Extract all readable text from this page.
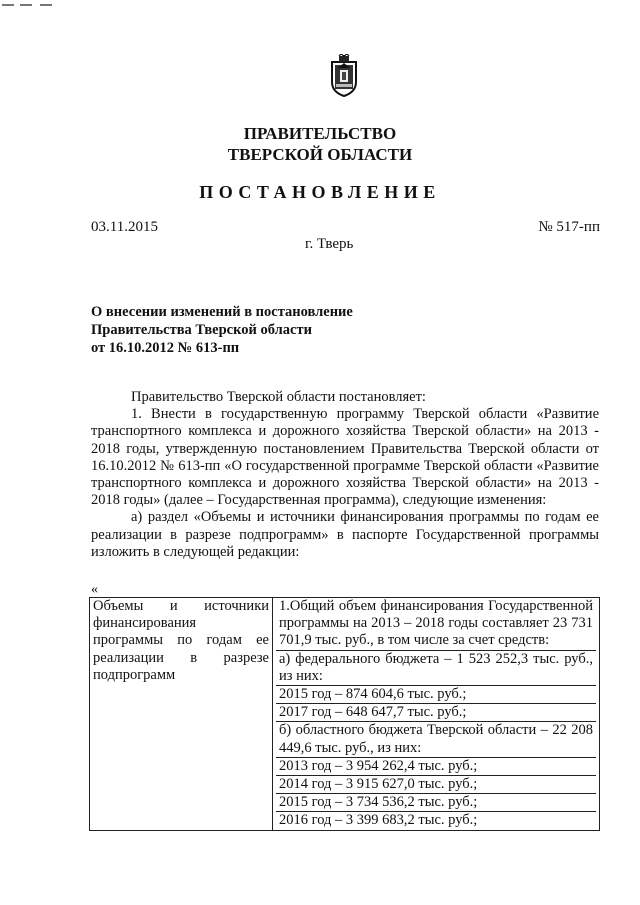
ПРАВИТЕЛЬСТВО
ТВЕРСКОЙ ОБЛАСТИ
ПОСТАНОВЛЕНИЕ
03.11.2015	№ 517-пп
г. Тверь
О внесении изменений в постановление
Правительства Тверской области
от 16.10.2012 № 613-пп

Правительство Тверской области постановляет:

1. Внести в государственную программу Тверской области «Развитие транспортного комплекса и дорожного хозяйства Тверской области» на 2013 - 2018 годы, утвержденную постановлением Правительства Тверской области от 16.10.2012 № 613-пп «О государственной программе Тверской области «Развитие транспортного комплекса и дорожного хозяйства Тверской области» на 2013 - 2018 годы» (далее – Государственная программа), следующие изменения:

а) раздел «Объемы и источники финансирования программы по годам ее реализации в разрезе подпрограмм» в паспорте Государственной программы изложить в следующей редакции:

«
Объемы и источники финансирования программы по годам ее реализации в разрезе подпрограмм	
1.Общий объем финансирования Государственной программы на 2013 – 2018 годы составляет 23 731 701,9 тыс. руб., в том числе за счет средств:
а) федерального бюджета – 1 523 252,3 тыс. руб., из них:
2015 год – 874 604,6 тыс. руб.;
2017 год – 648 647,7 тыс. руб.;
б) областного бюджета Тверской области – 22 208 449,6 тыс. руб., из них:
2013 год – 3 954 262,4 тыс. руб.;
2014 год – 3 915 627,0 тыс. руб.;
2015 год – 3 734 536,2 тыс. руб.;
2016 год – 3 399 683,2 тыс. руб.;
